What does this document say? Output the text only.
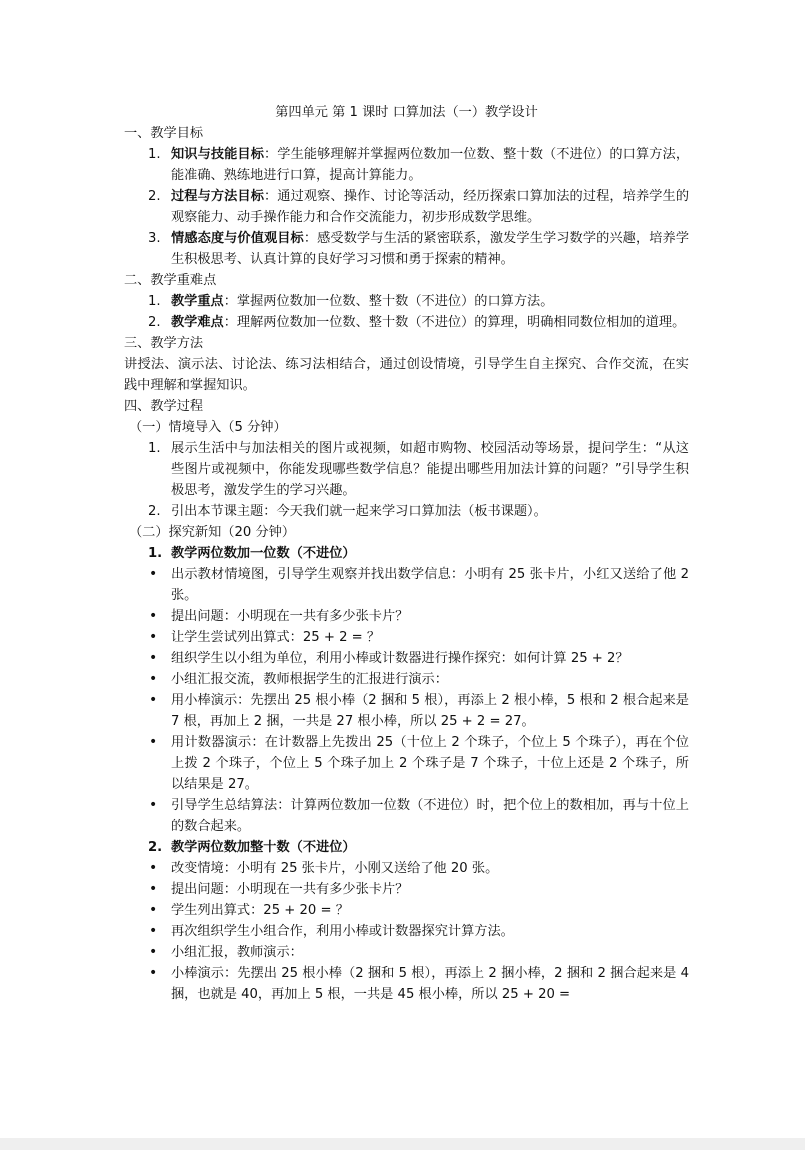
第四单元 第 1 课时 口算加法（一）教学设计
一、教学目标
1. 知识与技能目标：学生能够理解并掌握两位数加一位数、整十数（不进位）的口算方法，能准确、熟练地进行口算，提高计算能力。
2. 过程与方法目标：通过观察、操作、讨论等活动，经历探索口算加法的过程，培养学生的观察能力、动手操作能力和合作交流能力，初步形成数学思维。
3. 情感态度与价值观目标：感受数学与生活的紧密联系，激发学生学习数学的兴趣，培养学生积极思考、认真计算的良好学习习惯和勇于探索的精神。
二、教学重难点
1. 教学重点：掌握两位数加一位数、整十数（不进位）的口算方法。
2. 教学难点：理解两位数加一位数、整十数（不进位）的算理，明确相同数位相加的道理。
三、教学方法
讲授法、演示法、讨论法、练习法相结合，通过创设情境，引导学生自主探究、合作交流，在实践中理解和掌握知识。
四、教学过程
（一）情境导入（5 分钟）
1. 展示生活中与加法相关的图片或视频，如超市购物、校园活动等场景，提问学生：“从这些图片或视频中，你能发现哪些数学信息？能提出哪些用加法计算的问题？”引导学生积极思考，激发学生的学习兴趣。
2. 引出本节课主题：今天我们就一起来学习口算加法（板书课题）。
（二）探究新知（20 分钟）
1. 教学两位数加一位数（不进位）
• 出示教材情境图，引导学生观察并找出数学信息：小明有 25 张卡片，小红又送给了他 2 张。
• 提出问题：小明现在一共有多少张卡片？
• 让学生尝试列出算式：25 + 2 = ？
• 组织学生以小组为单位，利用小棒或计数器进行操作探究：如何计算 25 + 2？
• 小组汇报交流，教师根据学生的汇报进行演示：
• 用小棒演示：先摆出 25 根小棒（2 捆和 5 根），再添上 2 根小棒，5 根和 2 根合起来是 7 根，再加上 2 捆，一共是 27 根小棒，所以 25 + 2 = 27。
• 用计数器演示：在计数器上先拨出 25（十位上 2 个珠子，个位上 5 个珠子），再在个位上拨 2 个珠子，个位上 5 个珠子加上 2 个珠子是 7 个珠子，十位上还是 2 个珠子，所以结果是 27。
• 引导学生总结算法：计算两位数加一位数（不进位）时，把个位上的数相加，再与十位上的数合起来。
2. 教学两位数加整十数（不进位）
• 改变情境：小明有 25 张卡片，小刚又送给了他 20 张。
• 提出问题：小明现在一共有多少张卡片？
• 学生列出算式：25 + 20 = ？
• 再次组织学生小组合作，利用小棒或计数器探究计算方法。
• 小组汇报，教师演示：
• 小棒演示：先摆出 25 根小棒（2 捆和 5 根），再添上 2 捆小棒，2 捆和 2 捆合起来是 4 捆，也就是 40，再加上 5 根，一共是 45 根小棒，所以 25 + 20 =
